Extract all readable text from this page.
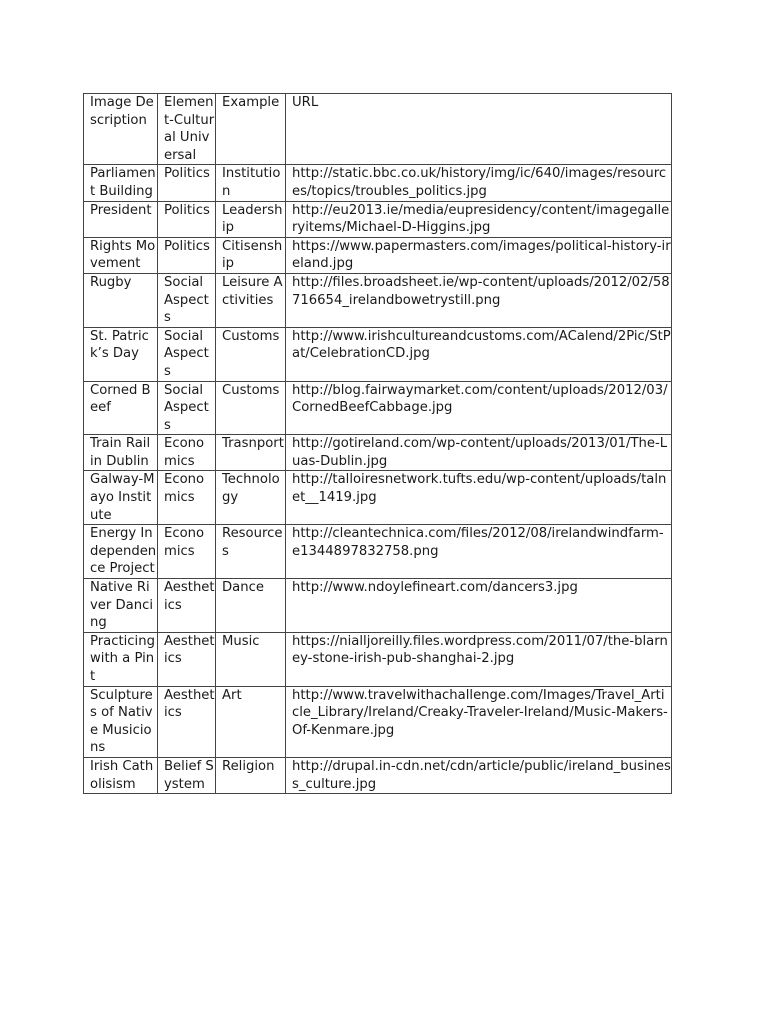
Image Description	Element-Cultural Universal	Example	URL
Parliament Building	Politics	Institution	http://static.bbc.co.uk/history/img/ic/640/images/resources/topics/troubles_politics.jpg
President	Politics	Leadership	http://eu2013.ie/media/eupresidency/content/imagegalleryitems/Michael-D-Higgins.jpg
Rights Movement	Politics	Citisenship	https://www.papermasters.com/images/political-history-ireland.jpg
Rugby	Social Aspects	Leisure Activities	http://files.broadsheet.ie/wp-content/uploads/2012/02/58716654_irelandbowetrystill.png
St. Patrick’s Day	Social Aspects	Customs	http://www.irishcultureandcustoms.com/ACalend/2Pic/StPat/CelebrationCD.jpg
Corned Beef	Social Aspects	Customs	http://blog.fairwaymarket.com/content/uploads/2012/03/CornedBeefCabbage.jpg
Train Rail in Dublin	Economics	Trasnport	http://gotireland.com/wp-content/uploads/2013/01/The-Luas-Dublin.jpg
Galway-Mayo Institute	Economics	Technology	http://talloiresnetwork.tufts.edu/wp-content/uploads/talnet__1419.jpg
Energy Independence Project	Economics	Resources	http://cleantechnica.com/files/2012/08/irelandwindfarm-e1344897832758.png
Native River Dancing	Aesthetics	Dance	http://www.ndoylefineart.com/dancers3.jpg
Practicing with a Pint	Aesthetics	Music	https://nialljoreilly.files.wordpress.com/2011/07/the-blarney-stone-irish-pub-shanghai-2.jpg
Sculptures of Native Musicions	Aesthetics	Art	http://www.travelwithachallenge.com/Images/Travel_Article_Library/Ireland/Creaky-Traveler-Ireland/Music-Makers-Of-Kenmare.jpg
Irish Catholisism	Belief System	Religion	http://drupal.in-cdn.net/cdn/article/public/ireland_business_culture.jpg
